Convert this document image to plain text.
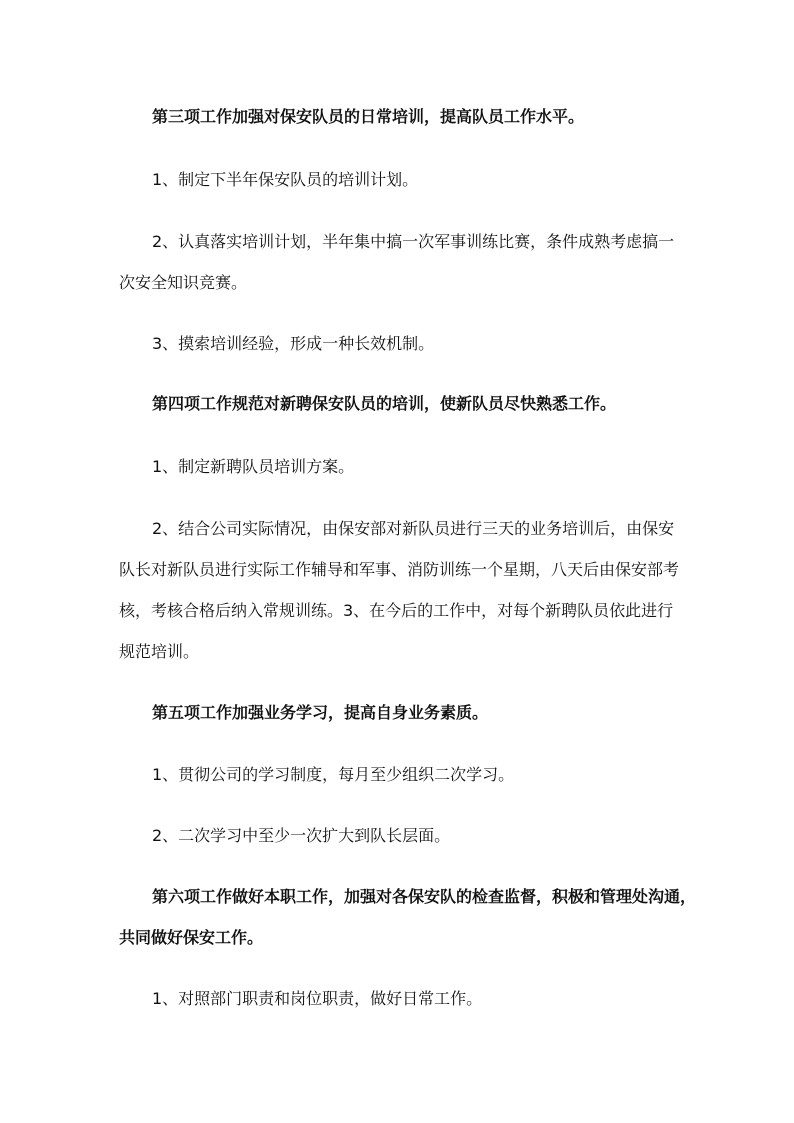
第三项工作加强对保安队员的日常培训，提高队员工作水平。

1、制定下半年保安队员的培训计划。

2、认真落实培训计划，半年集中搞一次军事训练比赛，条件成熟考虑搞一

次安全知识竞赛。

3、摸索培训经验，形成一种长效机制。

第四项工作规范对新聘保安队员的培训，使新队员尽快熟悉工作。

1、制定新聘队员培训方案。

2、结合公司实际情况，由保安部对新队员进行三天的业务培训后，由保安

队长对新队员进行实际工作辅导和军事、消防训练一个星期，八天后由保安部考

核，考核合格后纳入常规训练。3、在今后的工作中，对每个新聘队员依此进行

规范培训。

第五项工作加强业务学习，提高自身业务素质。

1、贯彻公司的学习制度，每月至少组织二次学习。

2、二次学习中至少一次扩大到队长层面。

第六项工作做好本职工作，加强对各保安队的检查监督，积极和管理处沟通，

共同做好保安工作。

1、对照部门职责和岗位职责，做好日常工作。
